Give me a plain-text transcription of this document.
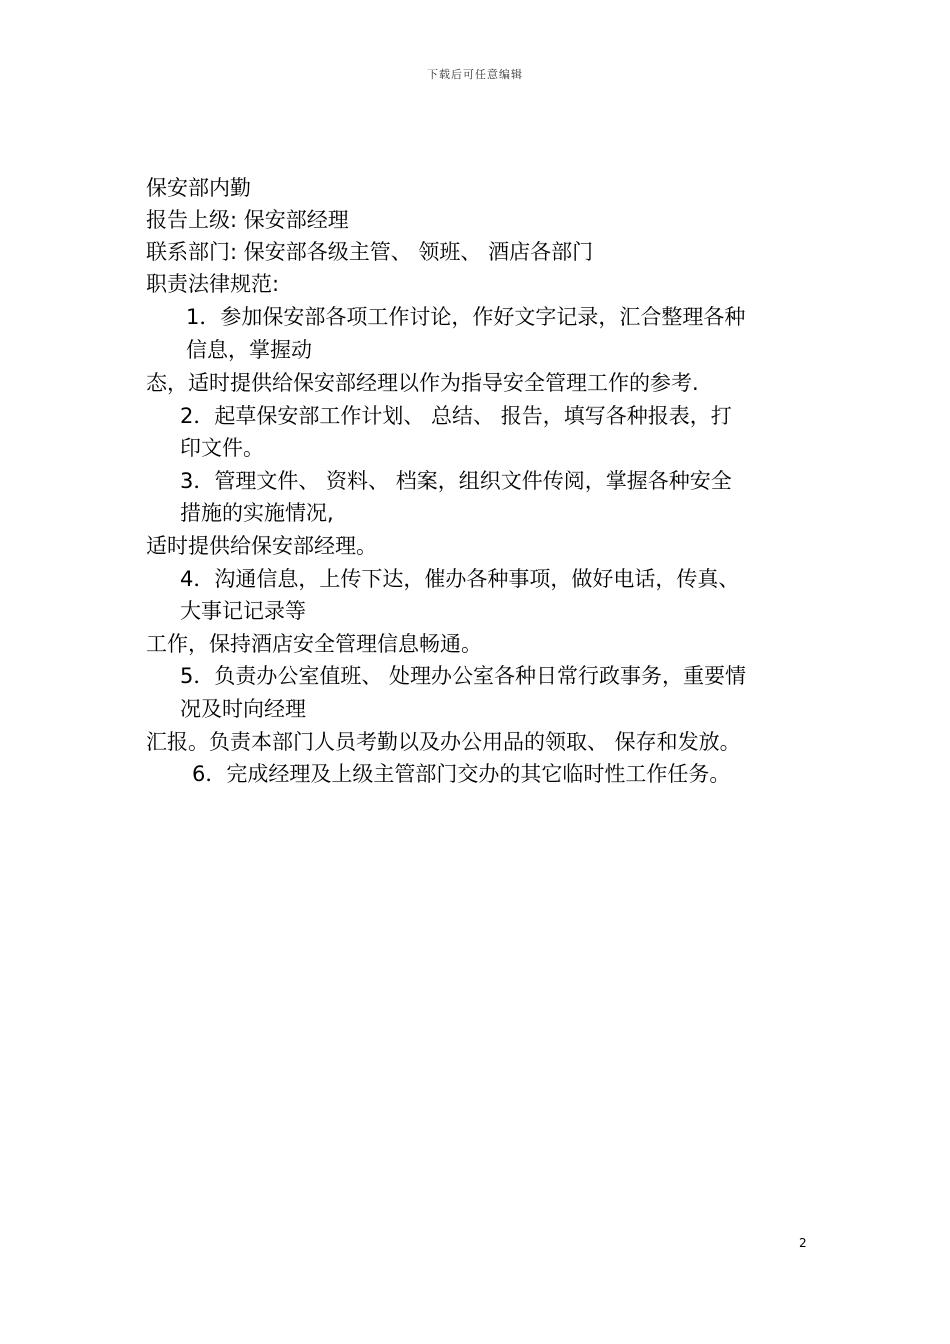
下载后可任意编辑
保安部内勤
报告上级: 保安部经理
联系部门: 保安部各级主管、 领班、 酒店各部门
职责法律规范:
1．参加保安部各项工作讨论，作好文字记录，汇合整理各种
信息，掌握动
态，适时提供给保安部经理以作为指导安全管理工作的参考.
2．起草保安部工作计划、 总结、 报告，填写各种报表，打
印文件。
3．管理文件、 资料、 档案，组织文件传阅，掌握各种安全
措施的实施情况,
适时提供给保安部经理。
4．沟通信息，上传下达，催办各种事项，做好电话，传真、
大事记记录等
工作，保持酒店安全管理信息畅通。
5．负责办公室值班、 处理办公室各种日常行政事务，重要情
况及时向经理
汇报。负责本部门人员考勤以及办公用品的领取、 保存和发放。
6．完成经理及上级主管部门交办的其它临时性工作任务。
2
